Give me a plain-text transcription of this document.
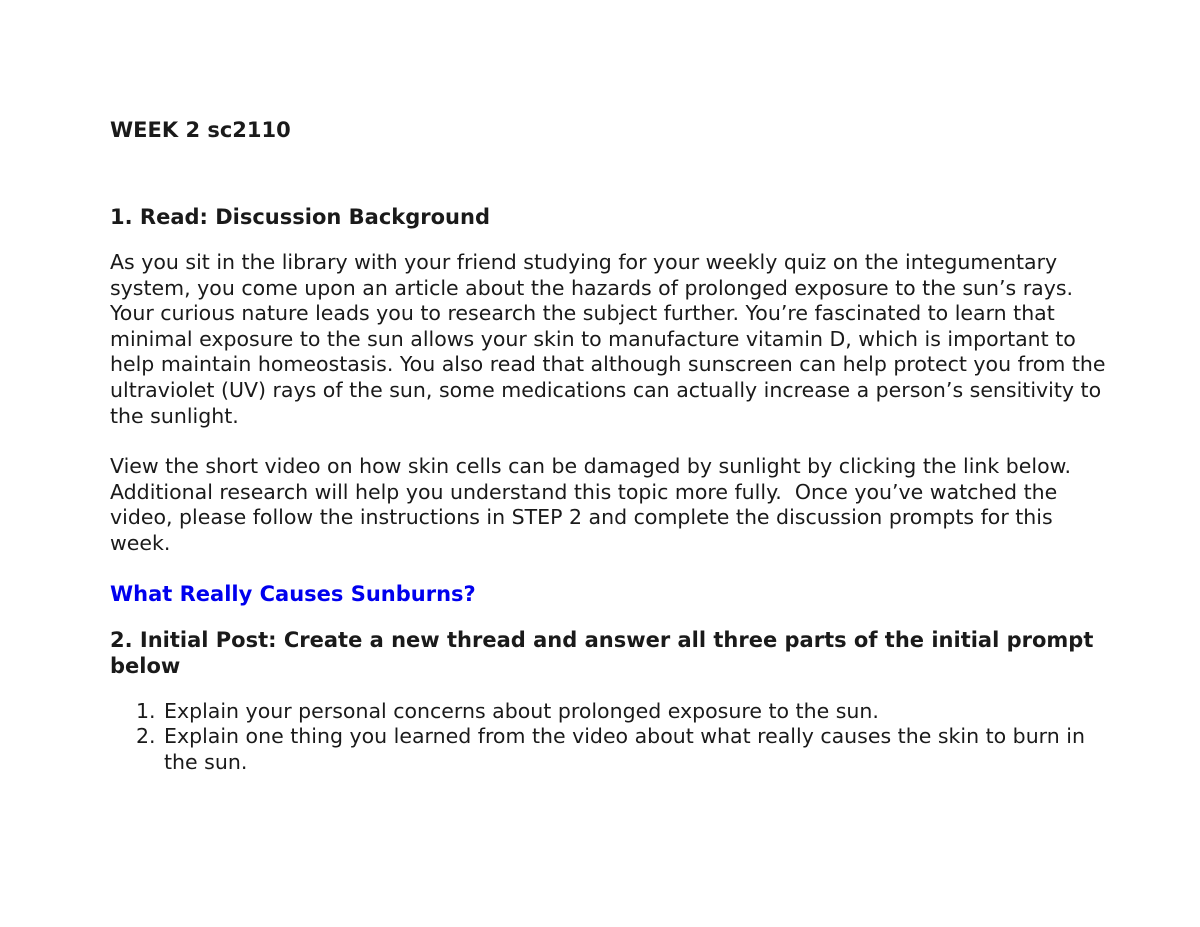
WEEK 2 sc2110

1. Read: Discussion Background

As you sit in the library with your friend studying for your weekly quiz on the integumentary system, you come upon an article about the hazards of prolonged exposure to the sun’s rays. Your curious nature leads you to research the subject further. You’re fascinated to learn that minimal exposure to the sun allows your skin to manufacture vitamin D, which is important to help maintain homeostasis. You also read that although sunscreen can help protect you from the ultraviolet (UV) rays of the sun, some medications can actually increase a person’s sensitivity to the sunlight.

View the short video on how skin cells can be damaged by sunlight by clicking the link below. Additional research will help you understand this topic more fully.  Once you’ve watched the video, please follow the instructions in STEP 2 and complete the discussion prompts for this week.

What Really Causes Sunburns?

2. Initial Post: Create a new thread and answer all three parts of the initial prompt below

1. Explain your personal concerns about prolonged exposure to the sun.
2. Explain one thing you learned from the video about what really causes the skin to burn in the sun.
